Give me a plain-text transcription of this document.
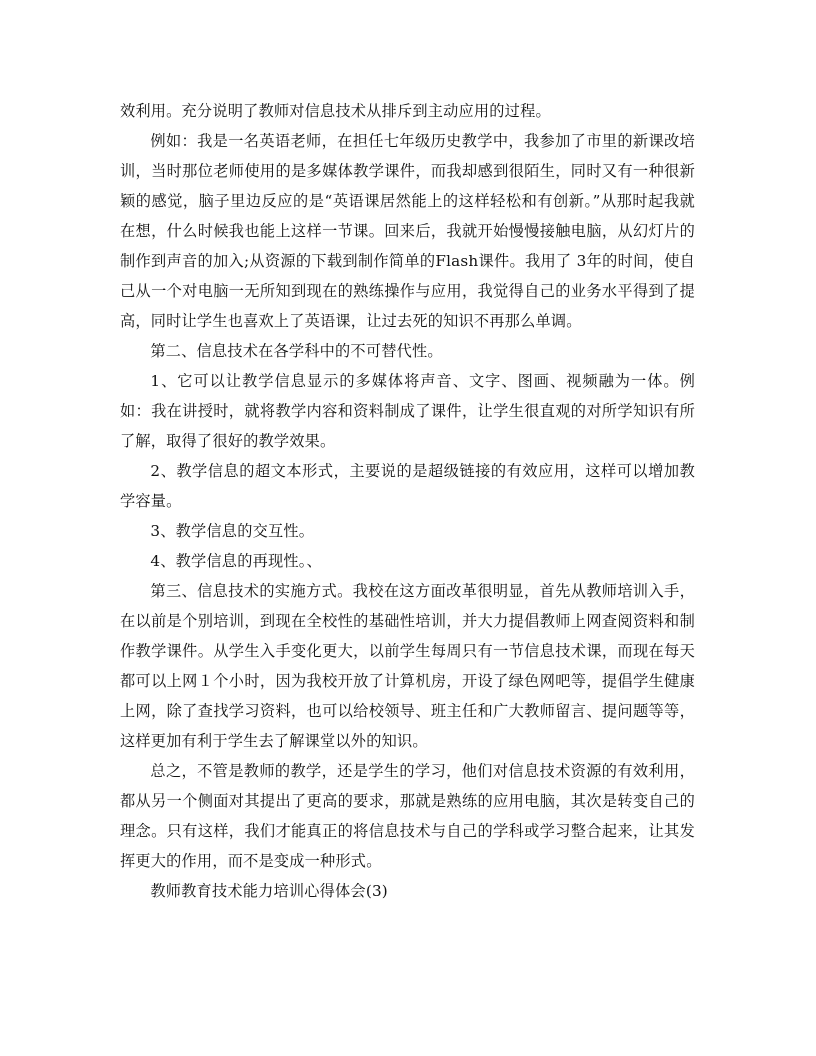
效利用。充分说明了教师对信息技术从排斥到主动应用的过程。

例如：我是一名英语老师，在担任七年级历史教学中，我参加了市里的新课改培训，当时那位老师使用的是多媒体教学课件，而我却感到很陌生，同时又有一种很新颖的感觉，脑子里边反应的是“英语课居然能上的这样轻松和有创新。”从那时起我就在想，什么时候我也能上这样一节课。回来后，我就开始慢慢接触电脑，从幻灯片的制作到声音的加入;从资源的下载到制作简单的Flash课件。我用了 3年的时间，使自己从一个对电脑一无所知到现在的熟练操作与应用，我觉得自己的业务水平得到了提高，同时让学生也喜欢上了英语课，让过去死的知识不再那么单调。

第二、信息技术在各学科中的不可替代性。

1、它可以让教学信息显示的多媒体将声音、文字、图画、视频融为一体。例如：我在讲授时，就将教学内容和资料制成了课件，让学生很直观的对所学知识有所了解，取得了很好的教学效果。

2、教学信息的超文本形式，主要说的是超级链接的有效应用，这样可以增加教学容量。

3、教学信息的交互性。

4、教学信息的再现性。、

第三、信息技术的实施方式。我校在这方面改革很明显，首先从教师培训入手，在以前是个别培训，到现在全校性的基础性培训，并大力提倡教师上网查阅资料和制作教学课件。从学生入手变化更大，以前学生每周只有一节信息技术课，而现在每天都可以上网１个小时，因为我校开放了计算机房，开设了绿色网吧等，提倡学生健康上网，除了查找学习资料，也可以给校领导、班主任和广大教师留言、提问题等等，这样更加有利于学生去了解课堂以外的知识。

总之，不管是教师的教学，还是学生的学习，他们对信息技术资源的有效利用，都从另一个侧面对其提出了更高的要求，那就是熟练的应用电脑，其次是转变自己的理念。只有这样，我们才能真正的将信息技术与自己的学科或学习整合起来，让其发挥更大的作用，而不是变成一种形式。

教师教育技术能力培训心得体会(3)
